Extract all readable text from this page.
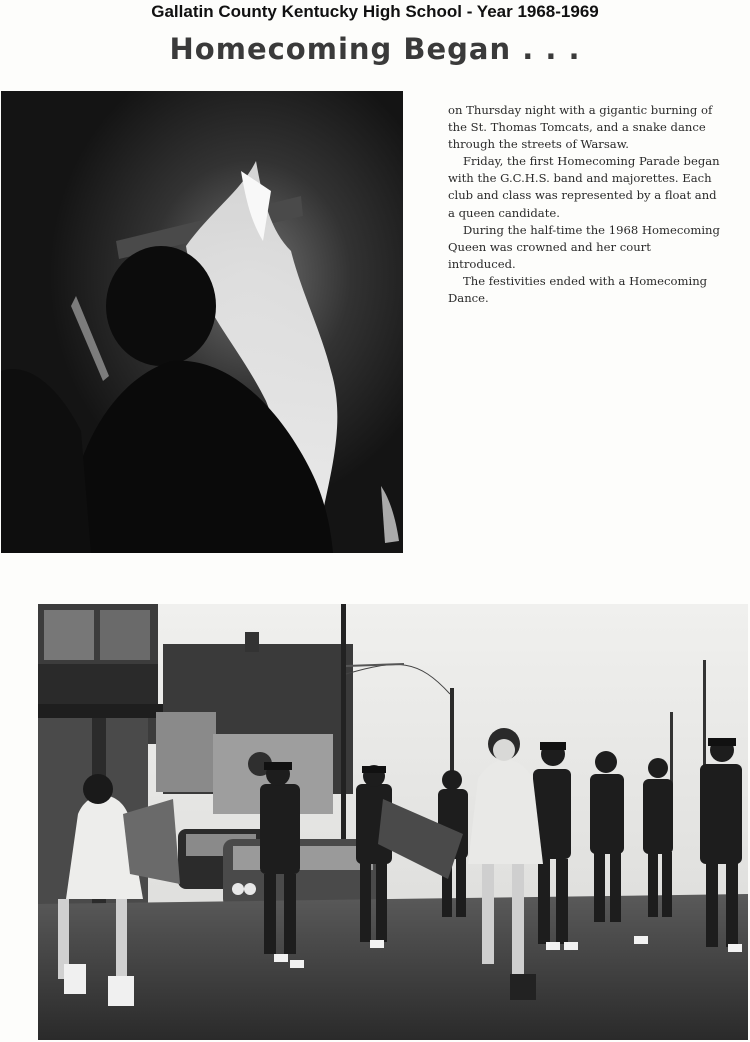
Gallatin County Kentucky High School - Year 1968-1969
Homecoming Began . . .

on Thursday night with a gigantic burning of the St. Thomas Tomcats, and a snake dance through the streets of Warsaw.

Friday, the first Homecoming Parade began with the G.C.H.S. band and majorettes. Each club and class was represented by a float and a queen candidate.

During the half-time the 1968 Homecoming Queen was crowned and her court introduced.

The festivities ended with a Homecoming Dance.
